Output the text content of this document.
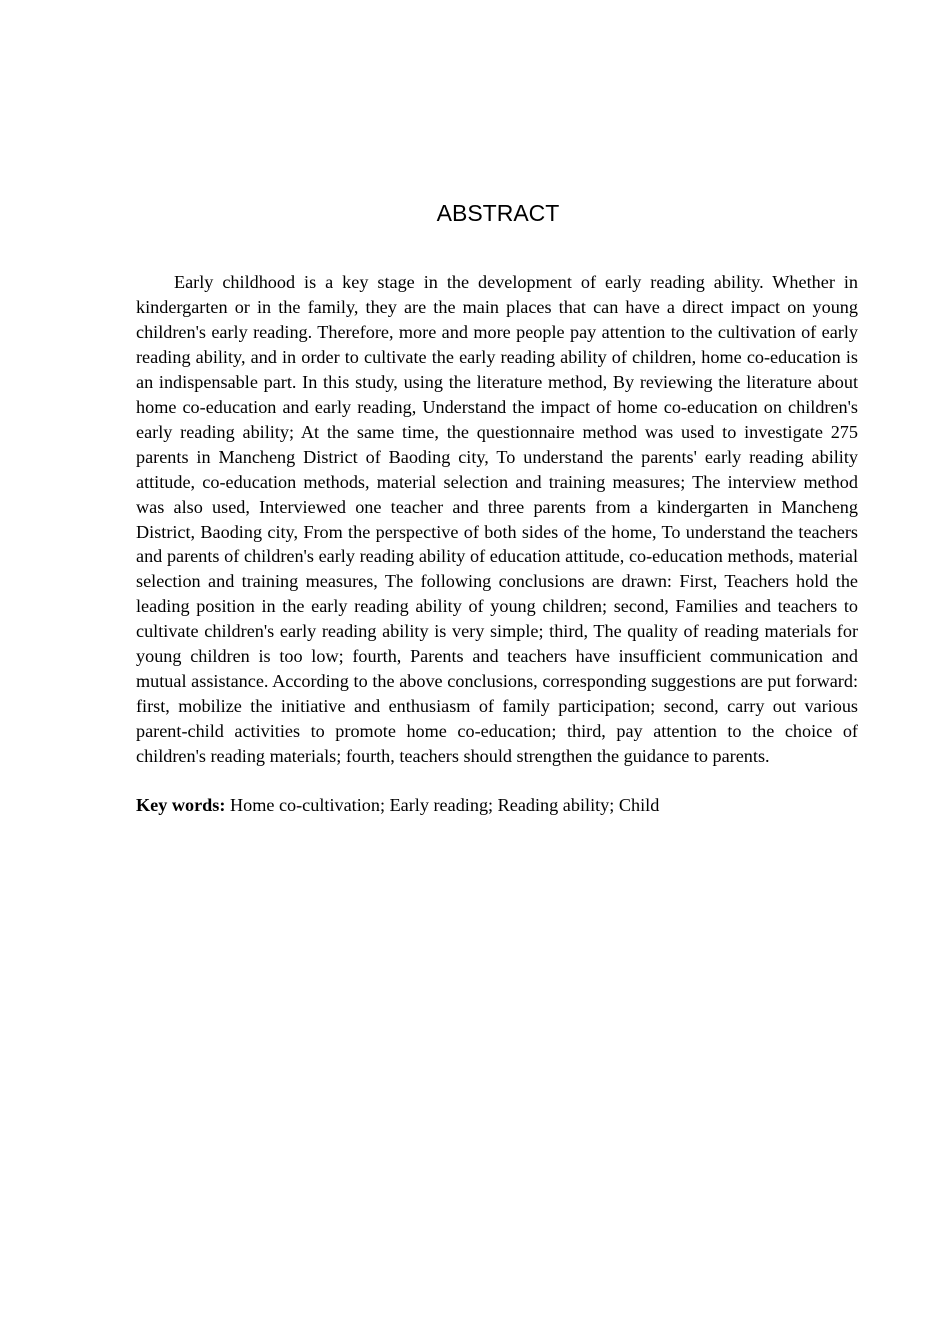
ABSTRACT

Early childhood is a key stage in the development of early reading ability. Whether in kindergarten or in the family, they are the main places that can have a direct impact on young children's early reading. Therefore, more and more people pay attention to the cultivation of early reading ability, and in order to cultivate the early reading ability of children, home co-education is an indispensable part. In this study, using the literature method, By reviewing the literature about home co-education and early reading, Understand the impact of home co-education on children's early reading ability; At the same time, the questionnaire method was used to investigate 275 parents in Mancheng District of Baoding city, To understand the parents' early reading ability attitude, co-education methods, material selection and training measures; The interview method was also used, Interviewed one teacher and three parents from a kindergarten in Mancheng District, Baoding city, From the perspective of both sides of the home, To understand the teachers and parents of children's early reading ability of education attitude, co-education methods, material selection and training measures, The following conclusions are drawn: First, Teachers hold the leading position in the early reading ability of young children; second, Families and teachers to cultivate children's early reading ability is very simple; third, The quality of reading materials for young children is too low; fourth, Parents and teachers have insufficient communication and mutual assistance. According to the above conclusions, corresponding suggestions are put forward: first, mobilize the initiative and enthusiasm of family participation; second, carry out various parent-child activities to promote home co-education; third, pay attention to the choice of children's reading materials; fourth, teachers should strengthen the guidance to parents.

Key words: Home co-cultivation; Early reading; Reading ability; Child
